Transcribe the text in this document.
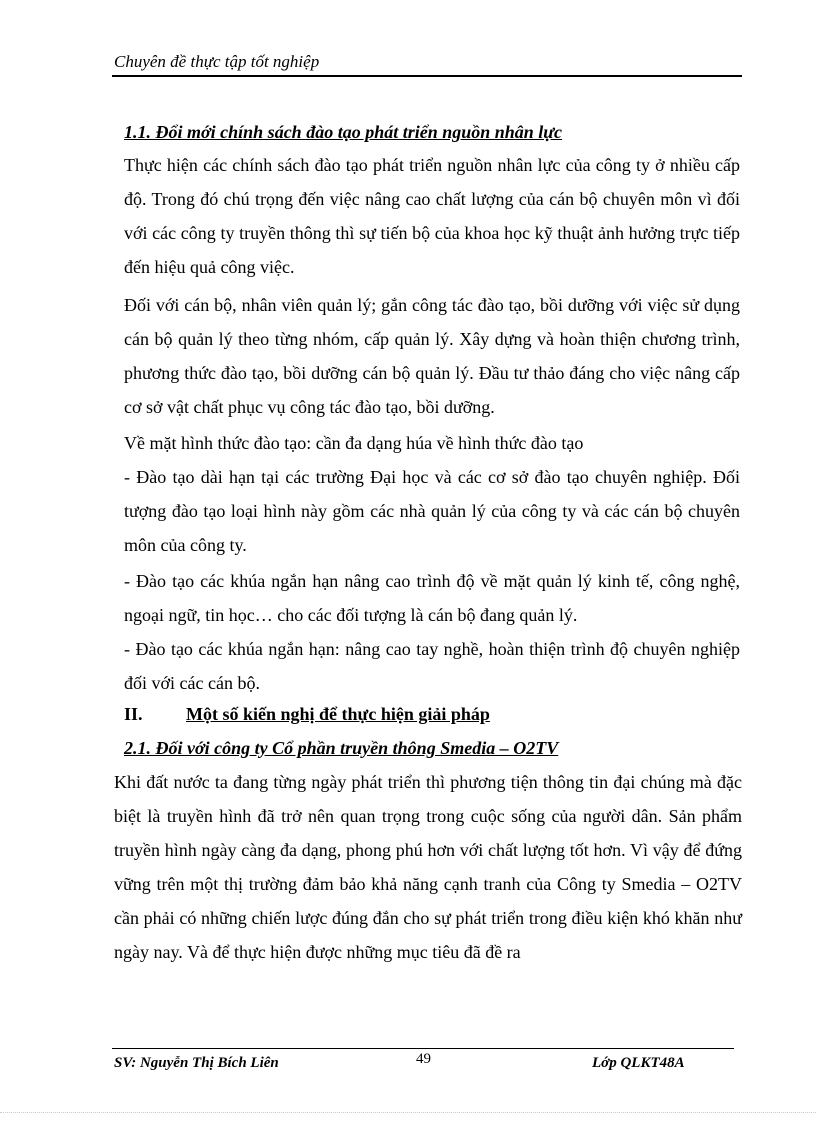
Chuyên đề thực tập tốt nghiệp
1.1. Đổi mới chính sách đào tạo phát triển nguồn nhân lực
Thực hiện các chính sách đào tạo phát triển nguồn nhân lực của công ty ở nhiều cấp độ. Trong đó chú trọng đến việc nâng cao chất lượng của cán bộ chuyên môn vì đối với các công ty truyền thông thì sự tiến bộ của khoa học kỹ thuật ảnh hưởng trực tiếp đến hiệu quả công việc.
Đối với cán bộ, nhân viên quản lý; gắn công tác đào tạo, bồi dưỡng với việc sử dụng cán bộ quản lý theo từng nhóm, cấp quản lý. Xây dựng và hoàn thiện chương trình, phương thức đào tạo, bồi dưỡng cán bộ quản lý. Đầu tư thảo đáng cho việc nâng cấp cơ sở vật chất phục vụ công tác đào tạo, bồi dưỡng.
Về mặt hình thức đào tạo: cần đa dạng húa về hình thức đào tạo
- Đào tạo dài hạn tại các trường Đại học và các cơ sở đào tạo chuyên nghiệp. Đối tượng đào tạo loại hình này gồm các nhà quản lý của công ty và các cán bộ chuyên môn của công ty.
- Đào tạo các khúa ngắn hạn nâng cao trình độ về mặt quản lý kinh tế, công nghệ, ngoại ngữ, tin học… cho các đối tượng là cán bộ đang quản lý.
- Đào tạo các khúa ngắn hạn: nâng cao tay nghề, hoàn thiện trình độ chuyên nghiệp đối với các cán bộ.
II. Một số kiến nghị để thực hiện giải pháp
2.1. Đối với công ty Cổ phần truyền thông Smedia – O2TV
Khi đất nước ta đang từng ngày phát triển thì phương tiện thông tin đại chúng mà đặc biệt là truyền hình đã trở nên quan trọng trong cuộc sống của người dân. Sản phẩm truyền hình ngày càng đa dạng, phong phú hơn với chất lượng tốt hơn. Vì vậy để đứng vững trên một thị trường đảm bảo khả năng cạnh tranh của Công ty Smedia – O2TV cần phải có những chiến lược đúng đắn cho sự phát triển trong điều kiện khó khăn như ngày nay. Và để thực hiện được những mục tiêu đã đề ra
SV: Nguyễn Thị Bích Liên	49	Lớp QLKT48A
